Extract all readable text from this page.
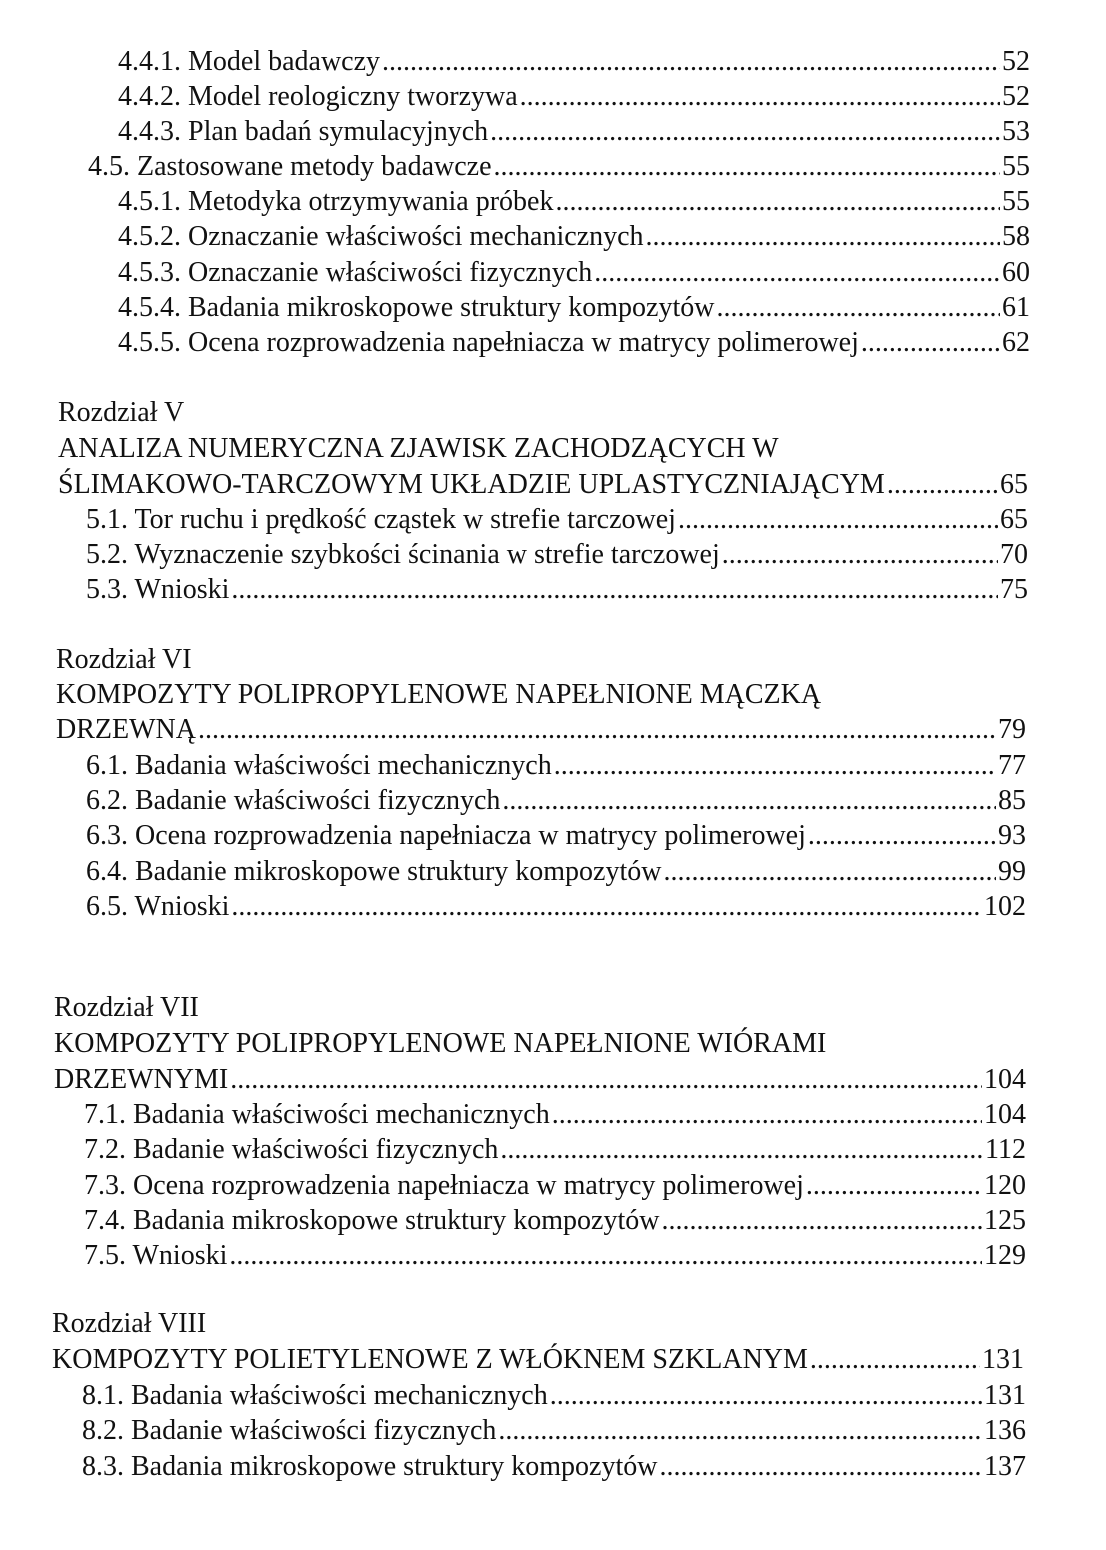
4.4.1. Model badawczy .....	52
4.4.2. Model reologiczny tworzywa .....	52
4.4.3. Plan badań symulacyjnych .....	53
4.5. Zastosowane metody badawcze .....	55
4.5.1. Metodyka otrzymywania próbek .....	55
4.5.2. Oznaczanie właściwości mechanicznych .....	58
4.5.3. Oznaczanie właściwości fizycznych .....	60
4.5.4. Badania mikroskopowe struktury kompozytów .....	61
4.5.5. Ocena rozprowadzenia napełniacza w matrycy polimerowej .....	62
Rozdział V
ANALIZA NUMERYCZNA ZJAWISK ZACHODZĄCYCH W
ŚLIMAKOWO-TARCZOWYM UKŁADZIE UPLASTYCZNIAJĄCYM .....	65
5.1. Tor ruchu i prędkość cząstek w strefie tarczowej .....	65
5.2. Wyznaczenie szybkości ścinania w strefie tarczowej .....	70
5.3. Wnioski .....	75
Rozdział VI
KOMPOZYTY POLIPROPYLENOWE NAPEŁNIONE MĄCZKĄ
DRZEWNĄ .....	79
6.1. Badania właściwości mechanicznych .....	77
6.2. Badanie właściwości fizycznych .....	85
6.3. Ocena rozprowadzenia napełniacza w matrycy polimerowej .....	93
6.4. Badanie mikroskopowe struktury kompozytów .....	99
6.5. Wnioski .....	102
Rozdział VII
KOMPOZYTY POLIPROPYLENOWE NAPEŁNIONE WIÓRAMI
DRZEWNYMI .....	104
7.1. Badania właściwości mechanicznych .....	104
7.2. Badanie właściwości fizycznych .....	112
7.3. Ocena rozprowadzenia napełniacza w matrycy polimerowej .....	120
7.4. Badania mikroskopowe struktury kompozytów .....	125
7.5. Wnioski .....	129
Rozdział VIII
KOMPOZYTY POLIETYLENOWE Z WŁÓKNEM SZKLANYM .....	131
8.1. Badania właściwości mechanicznych .....	131
8.2. Badanie właściwości fizycznych .....	136
8.3. Badania mikroskopowe struktury kompozytów .....	137
